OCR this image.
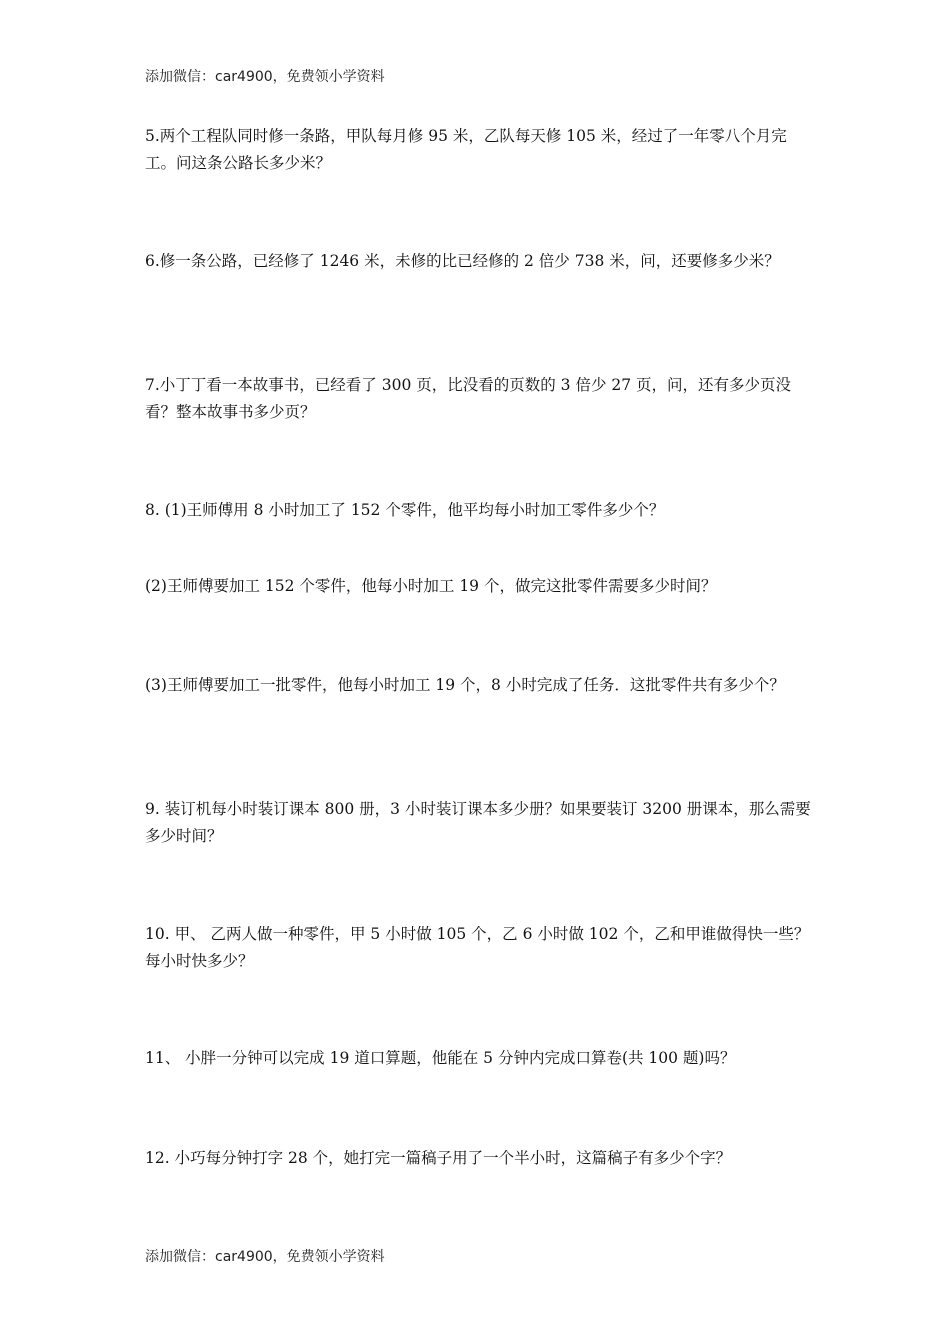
添加微信：car4900，免费领小学资料

5.两个工程队同时修一条路，甲队每月修 95 米，乙队每天修 105 米，经过了一年零八个月完工。问这条公路长多少米？

6.修一条公路，已经修了 1246 米，未修的比已经修的 2 倍少 738 米，问，还要修多少米？

7.小丁丁看一本故事书，已经看了 300 页，比没看的页数的 3 倍少 27 页，问，还有多少页没看？整本故事书多少页？

8. (1)王师傅用 8 小时加工了 152 个零件，他平均每小时加工零件多少个？

(2)王师傅要加工 152 个零件，他每小时加工 19 个，做完这批零件需要多少时间？

(3)王师傅要加工一批零件，他每小时加工 19 个，8 小时完成了任务．这批零件共有多少个？

9. 装订机每小时装订课本 800 册，3 小时装订课本多少册？如果要装订 3200 册课本，那么需要多少时间？

10. 甲、 乙两人做一种零件，甲 5 小时做 105 个，乙 6 小时做 102 个，乙和甲谁做得快一些？每小时快多少？

11、 小胖一分钟可以完成 19 道口算题，他能在 5 分钟内完成口算卷(共 100 题)吗？

12. 小巧每分钟打字 28 个，她打完一篇稿子用了一个半小时，这篇稿子有多少个字？

添加微信：car4900，免费领小学资料
